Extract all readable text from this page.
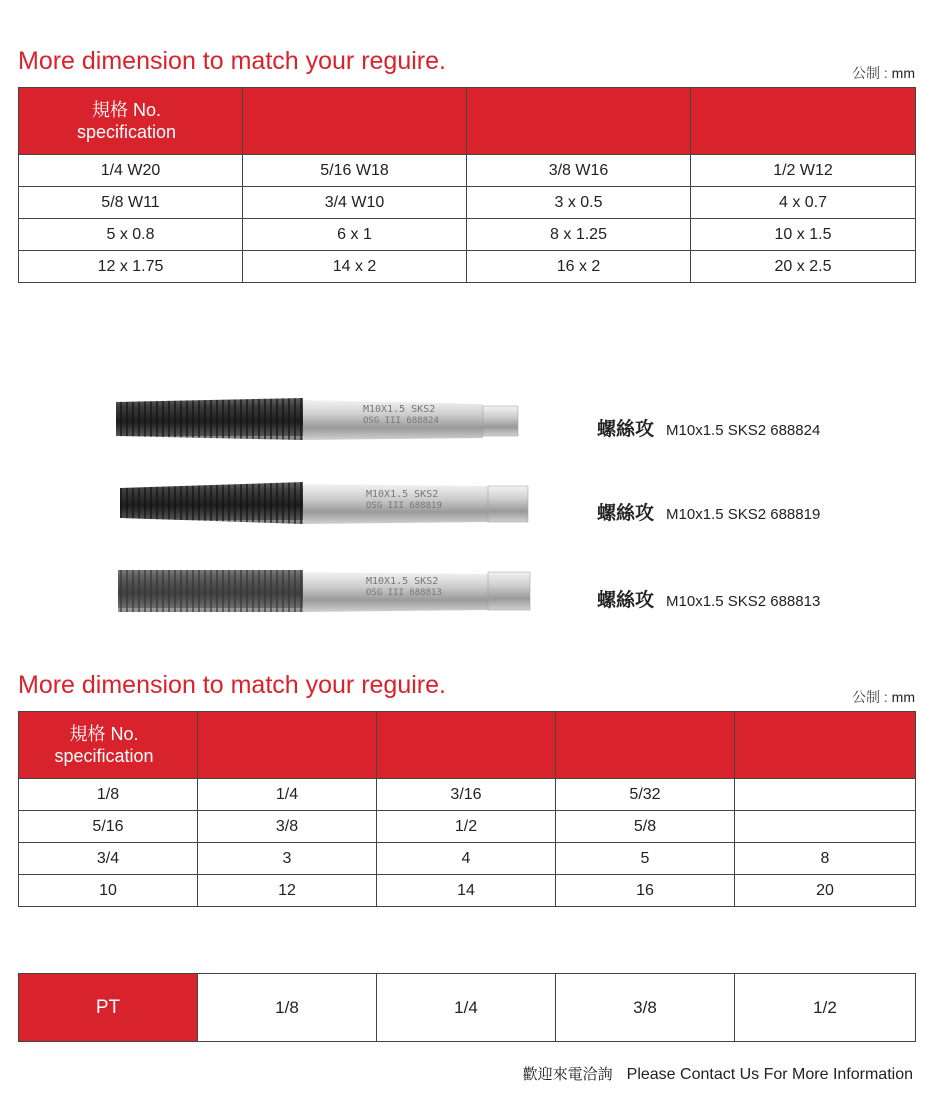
More dimension to match your reguire.	公制 : mm
規格 No.
specification			

1/4 W20	5/16 W18	3/8 W16	1/2 W12
5/8 W11	3/4 W10	3 x 0.5	4 x 0.7
5 x 0.8	6 x 1	8 x 1.25	10 x 1.5
12 x 1.75	14 x 2	16 x 2	20 x 2.5
M10X1.5 SKS2
OSG III 688824	螺絲攻 M10x1.5 SKS2 688824
M10X1.5 SKS2
OSG III 688819	螺絲攻 M10x1.5 SKS2 688819
M10X1.5 SKS2
OSG III 688813	螺絲攻 M10x1.5 SKS2 688813
More dimension to match your reguire.	公制 : mm
規格 No.
specification				

1/8	1/4	3/16	5/32	
5/16	3/8	1/2	5/8	
3/4	3	4	5	8
10	12	14	16	20
PT	1/8	1/4	3/8	1/2
歡迎來電洽詢 Please Contact Us For More Information
